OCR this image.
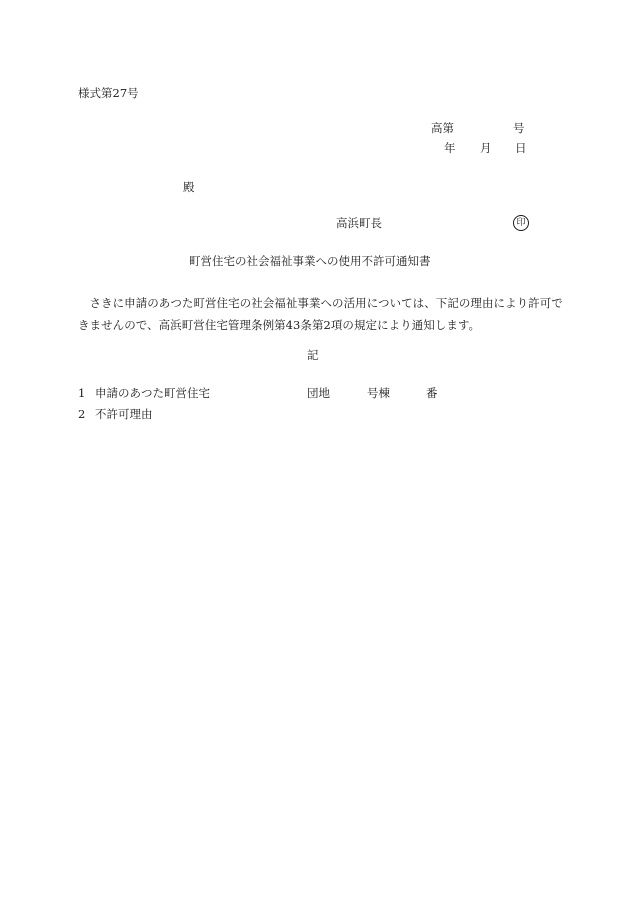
様式第27号
高第	号
年 月 日
殿
高浜町長	印
町営住宅の社会福祉事業への使用不許可通知書
さきに申請のあつた町営住宅の社会福祉事業への活用については、下記の理由により許可できませんので、高浜町営住宅管理条例第43条第2項の規定により通知します。
記
1 申請のあつた町営住宅	団地	号棟	番
2 不許可理由
